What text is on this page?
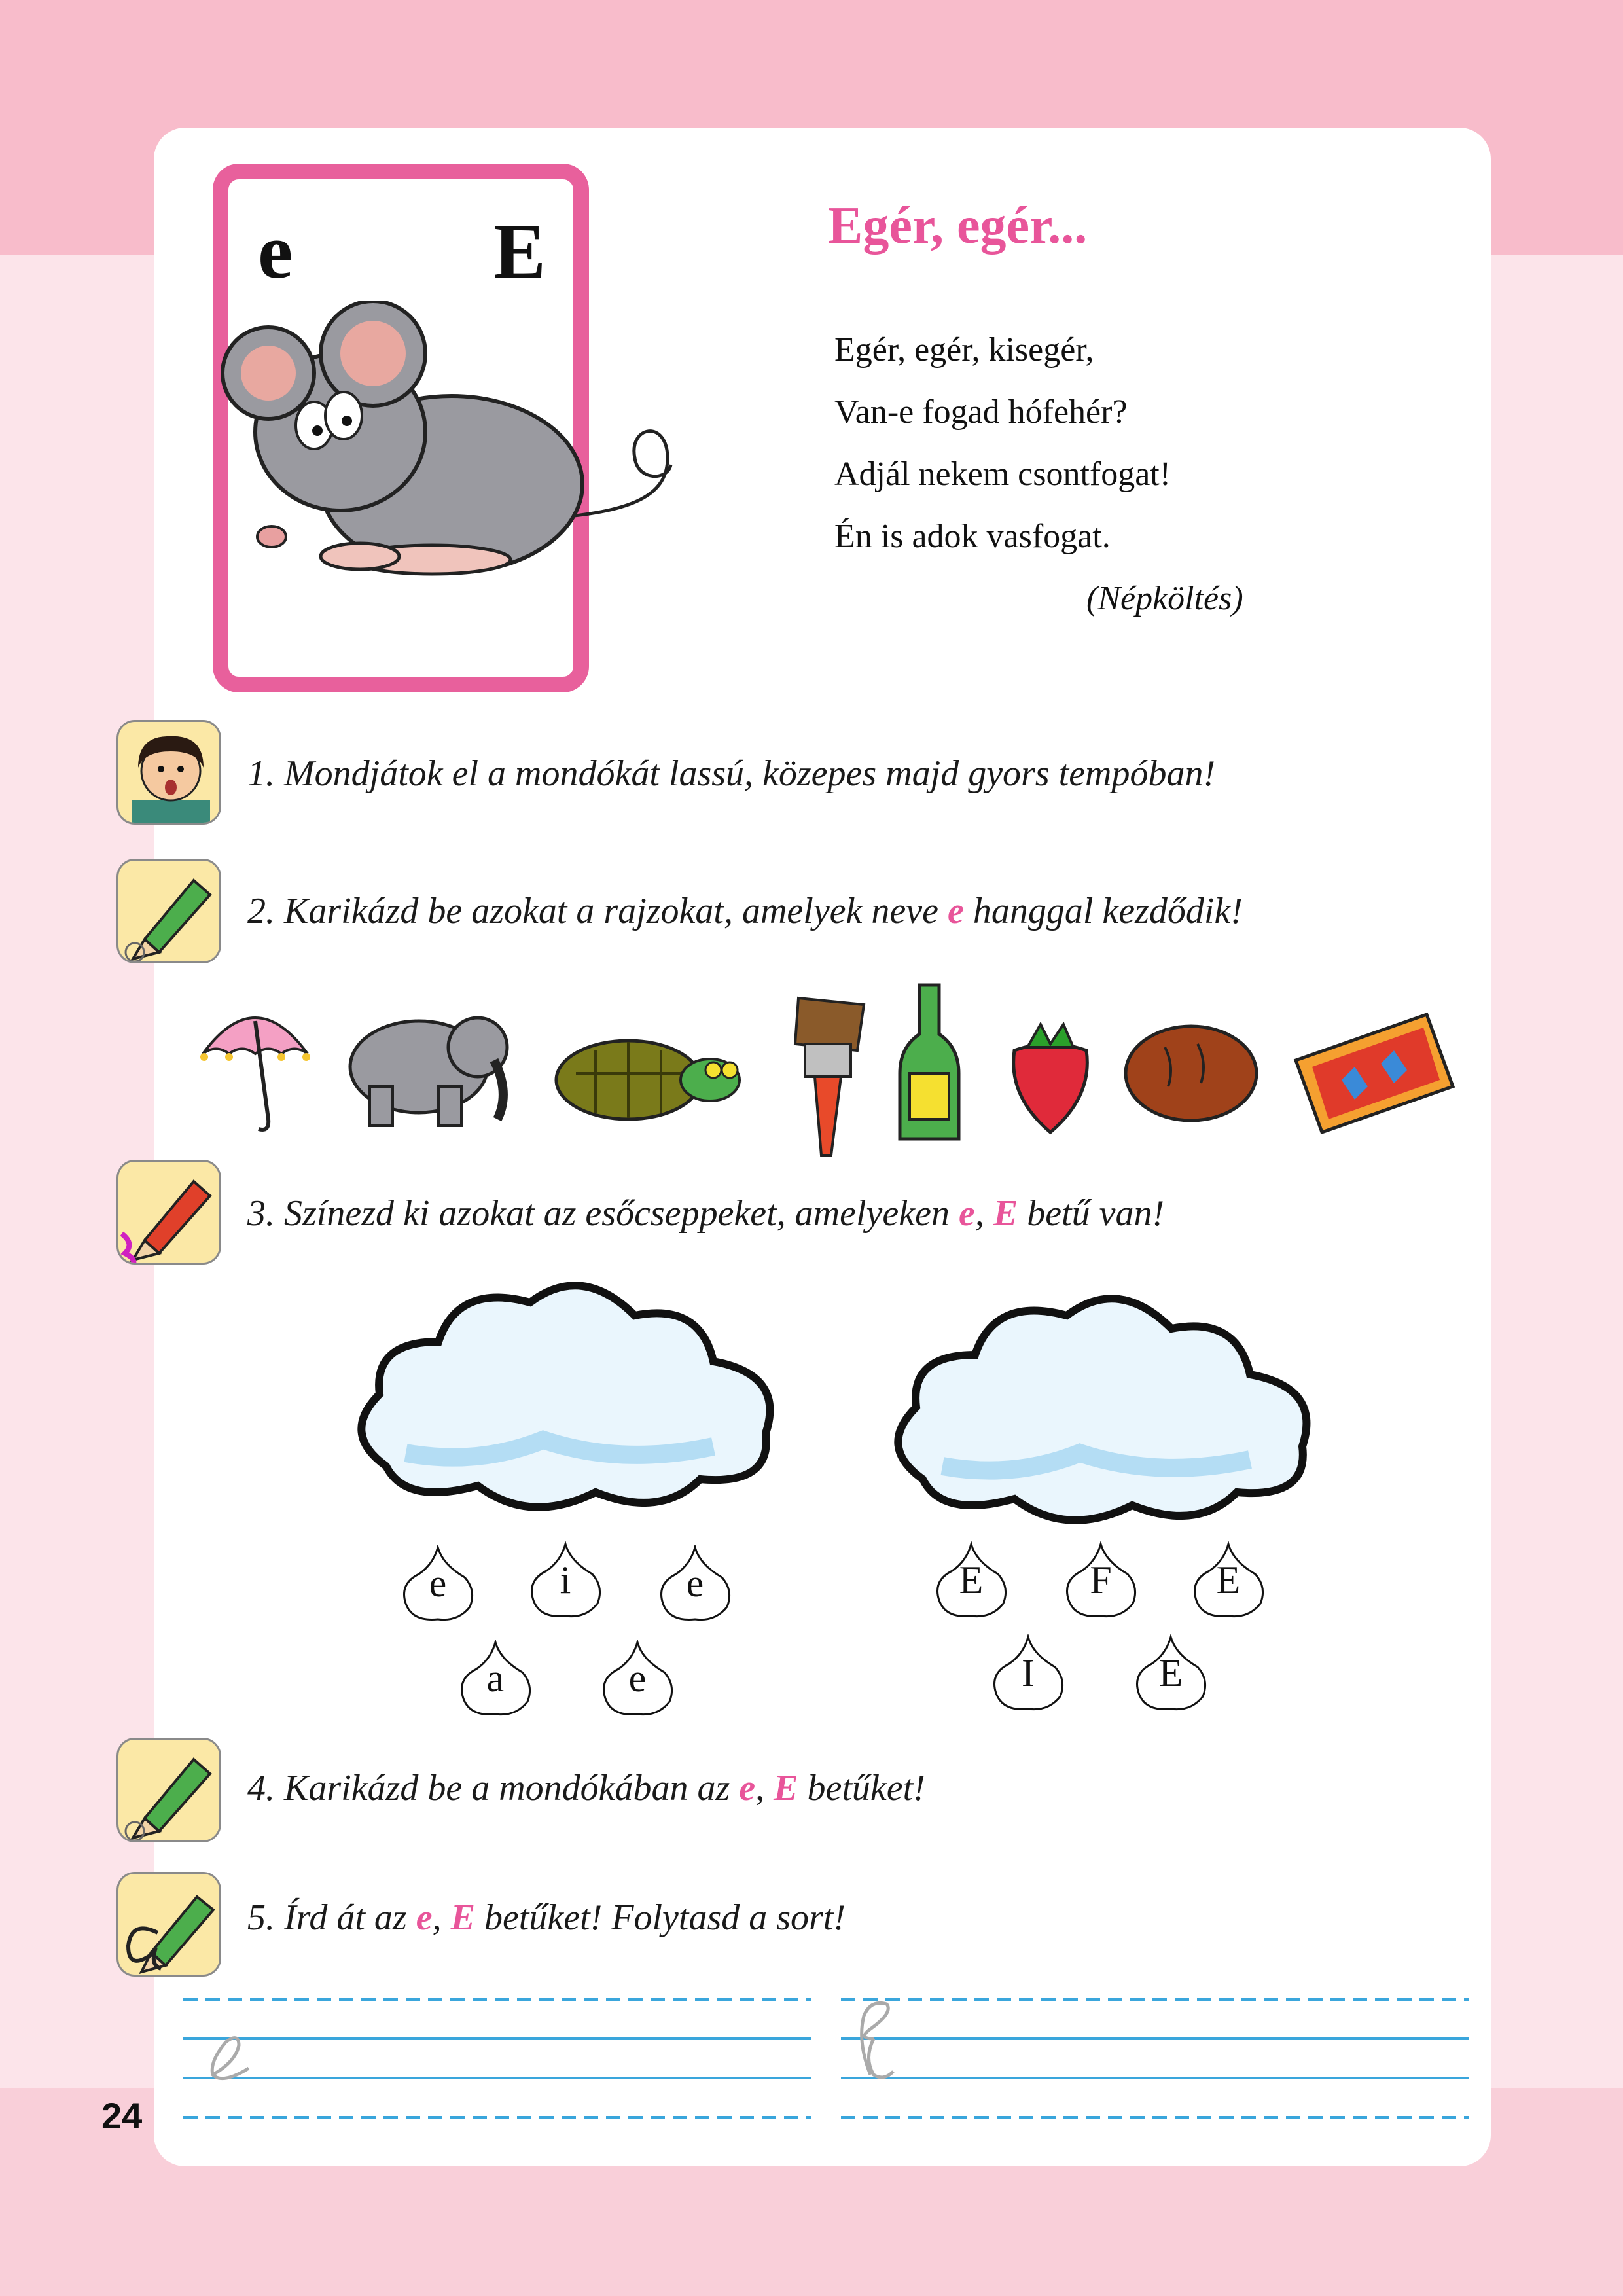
e	E	Egér, egér...
Egér, egér, kisegér,
Van-e fogad hófehér?
Adjál nekem csontfogat!
Én is adok vasfogat.
(Népköltés)
1. Mondjátok el a mondókát lassú, közepes majd gyors tempóban!
2. Karikázd be azokat a rajzokat, amelyek neve e hanggal kezdődik!
3. Színezd ki azokat az esőcseppeket, amelyeken e, E betű van!
e	i	e
a	e
E	F	E
I	E
4. Karikázd be a mondókában az e, E betűket!
5. Írd át az e, E betűket! Folytasd a sort!
24
